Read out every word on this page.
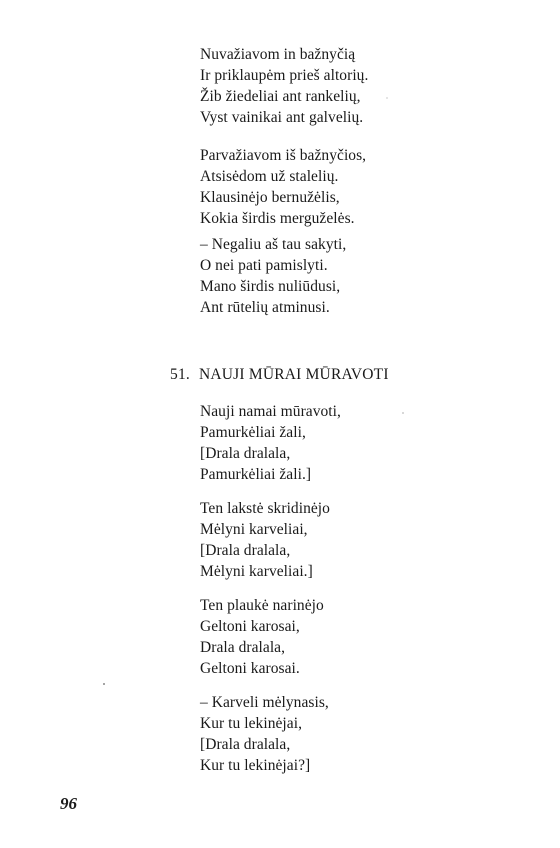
Nuvažiavom in bažnyčią
Ir priklaupėm prieš altorių.
Žib žiedeliai ant rankelių,
Vyst vainikai ant galvelių.
Parvažiavom iš bažnyčios,
Atsisėdom už stalelių.
Klausinėjo bernužėlis,
Kokia širdis merguželės.
– Negaliu aš tau sakyti,
O nei pati pamislyti.
Mano širdis nuliūdusi,
Ant rūtelių atminusi.
51. NAUJI MŪRAI MŪRAVOTI
Nauji namai mūravoti,
Pamurkėliai žali,
[Drala dralala,
Pamurkėliai žali.]
Ten lakstė skridinėjo
Mėlyni karveliai,
[Drala dralala,
Mėlyni karveliai.]
Ten plaukė narinėjo
Geltoni karosai,
Drala dralala,
Geltoni karosai.
– Karveli mėlynasis,
Kur tu lekinėjai,
[Drala dralala,
Kur tu lekinėjai?]
96
